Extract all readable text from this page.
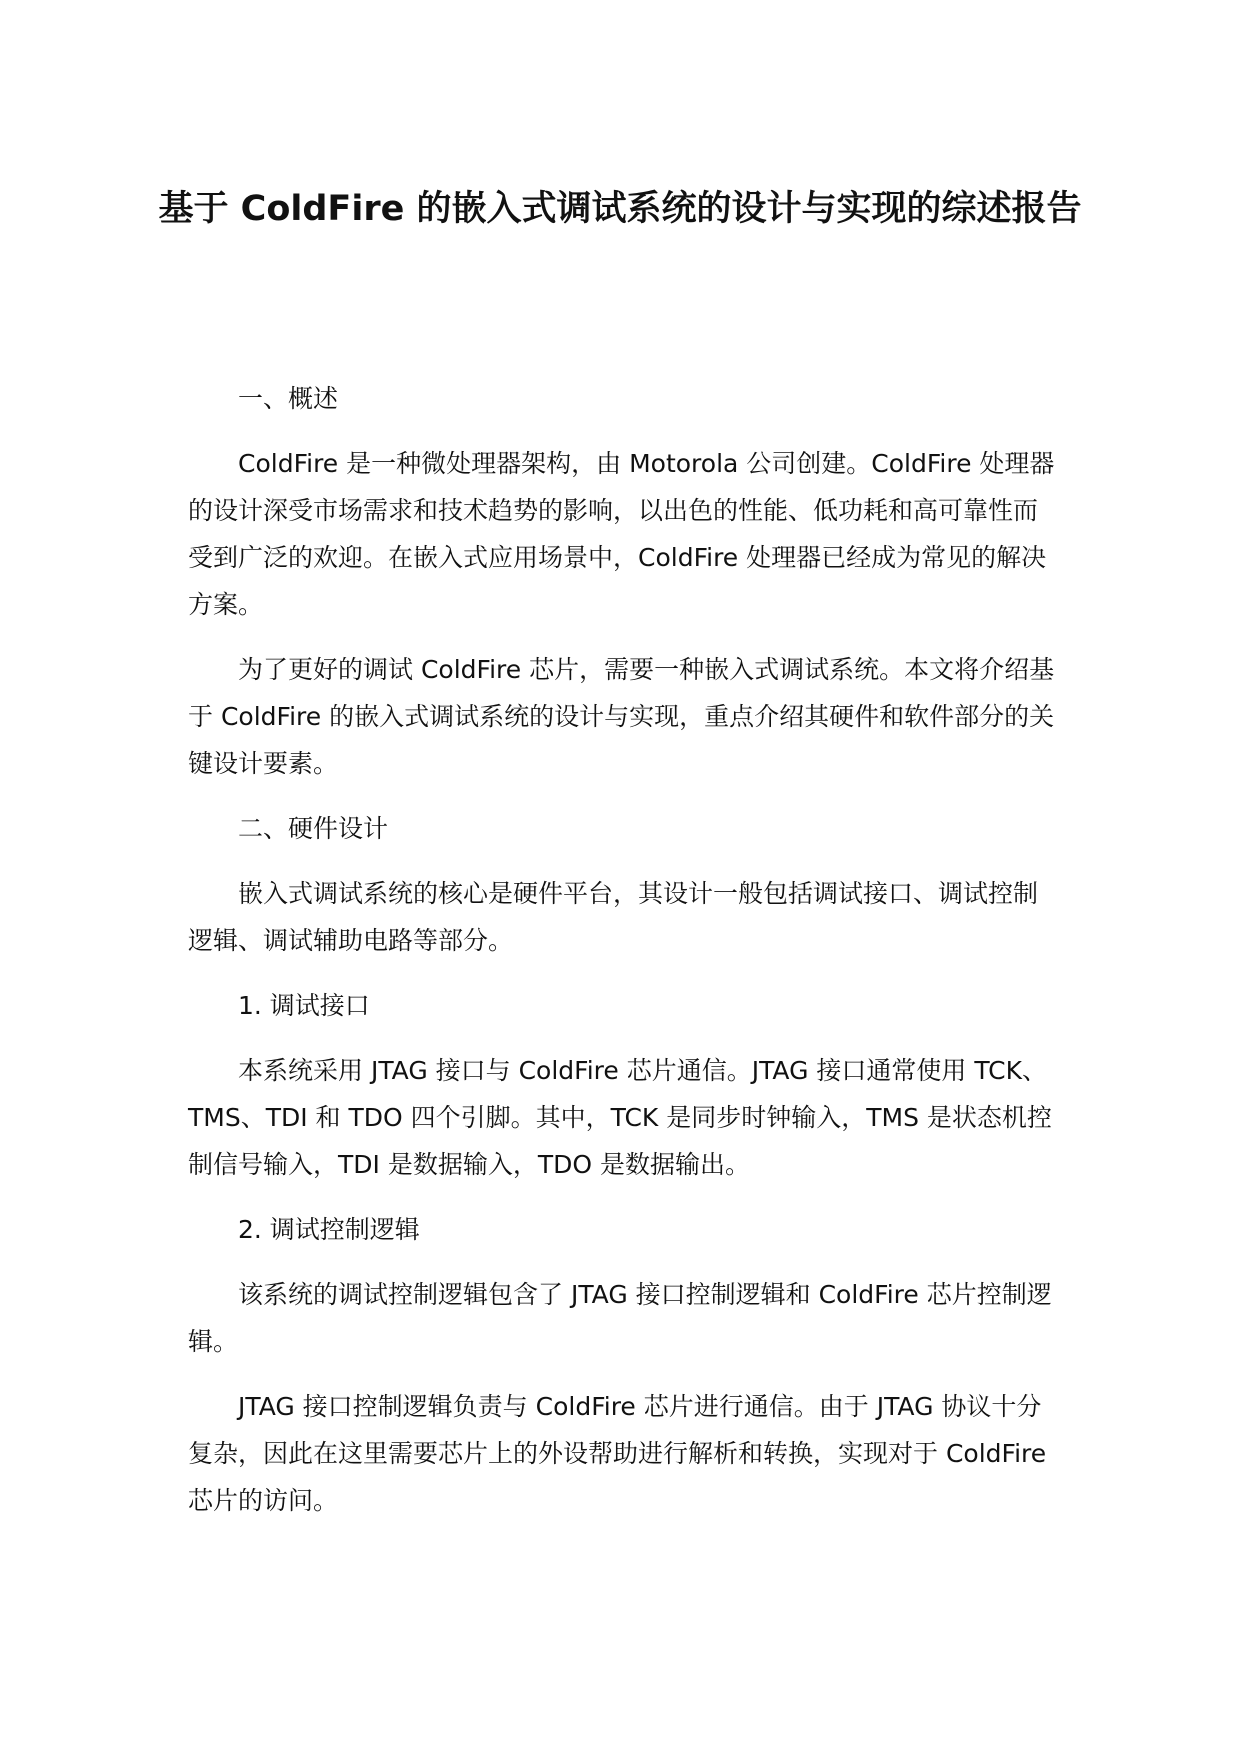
基于 ColdFire 的嵌入式调试系统的设计与实现的综述报告

一、概述

ColdFire 是一种微处理器架构，由 Motorola 公司创建。ColdFire 处理器的设计深受市场需求和技术趋势的影响，以出色的性能、低功耗和高可靠性而受到广泛的欢迎。在嵌入式应用场景中，ColdFire 处理器已经成为常见的解决方案。

为了更好的调试 ColdFire 芯片，需要一种嵌入式调试系统。本文将介绍基于 ColdFire 的嵌入式调试系统的设计与实现，重点介绍其硬件和软件部分的关键设计要素。

二、硬件设计

嵌入式调试系统的核心是硬件平台，其设计一般包括调试接口、调试控制逻辑、调试辅助电路等部分。

1. 调试接口

本系统采用 JTAG 接口与 ColdFire 芯片通信。JTAG 接口通常使用 TCK、TMS、TDI 和 TDO 四个引脚。其中，TCK 是同步时钟输入，TMS 是状态机控制信号输入，TDI 是数据输入，TDO 是数据输出。

2. 调试控制逻辑

该系统的调试控制逻辑包含了 JTAG 接口控制逻辑和 ColdFire 芯片控制逻辑。

JTAG 接口控制逻辑负责与 ColdFire 芯片进行通信。由于 JTAG 协议十分复杂，因此在这里需要芯片上的外设帮助进行解析和转换，实现对于 ColdFire 芯片的访问。
